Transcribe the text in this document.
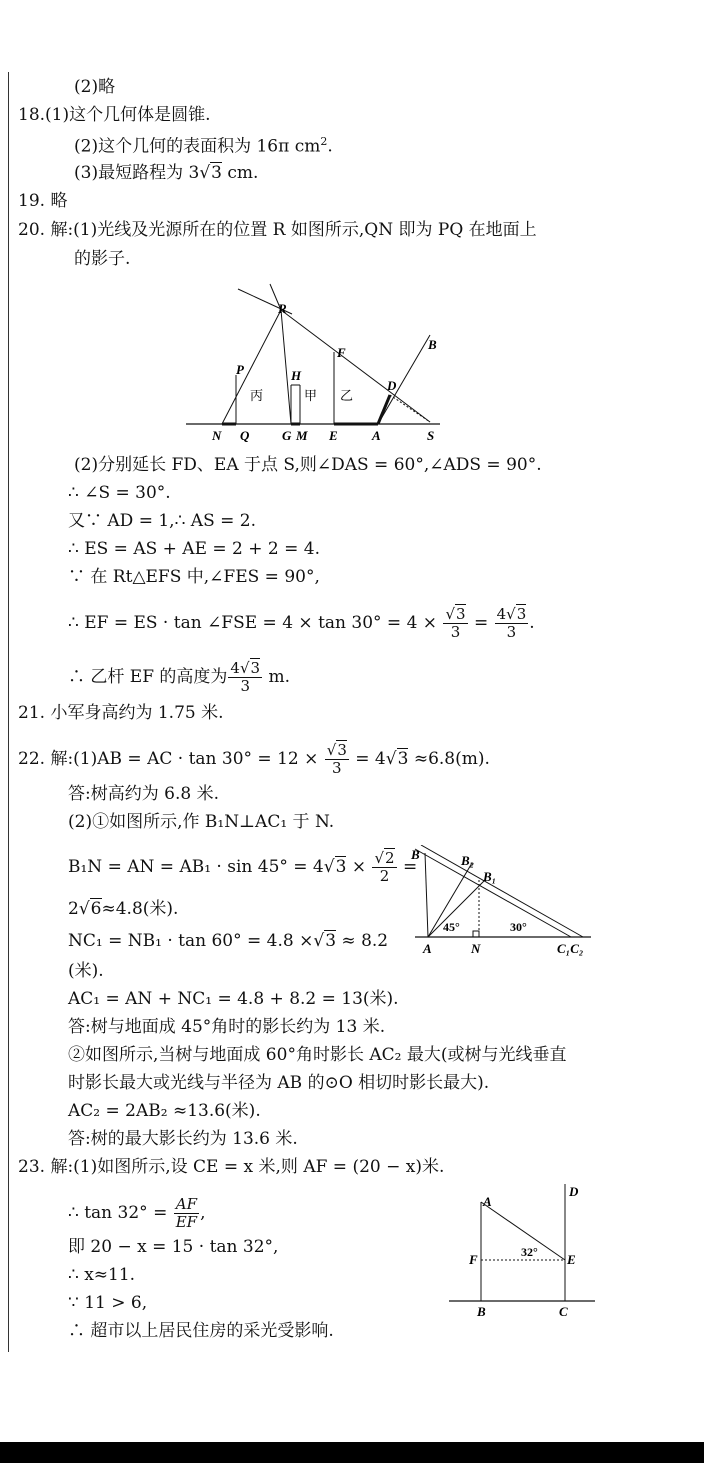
(2)略
18.(1)这个几何体是圆锥.
(2)这个几何的表面积为 16π $cm^2$.
(3)最短路程为 3√3 cm.
19. 略
20. 解:(1)光线及光源所在的位置 R 如图所示,QN 即为 PQ 在地面上
的影子.
R
P	H
F
B
D
N Q	G M E	A	S
丙	甲 乙
(2)分别延长 FD、EA 于点 S,则∠DAS = 60°,∠ADS = 90°.
∴ ∠S = 30°.
又∵ AD = 1,∴ AS = 2.
∴ ES = AS + AE = 2 + 2 = 4.
∵ 在 Rt△EFS 中,∠FES = 90°,
∴ EF = ES · tan ∠FSE = $4 \times \tan 30^\circ = 4 \times \frac{√3}{3} = \frac{4√3}{3}$ .
∴ 乙杆 EF 的高度为 $\frac{4√3}{3} m$.
21. 小军身高约为 1.75 米.
22. 解:(1)AB = AC · $\tan 30^\circ = 12 \times \frac{√3}{3} = 4√3 \approx 6.8(m)$.
答:树高约为 6.8 米.
(2)①如图所示,作 B₁N⊥AC₁ 于 N.
B₁N = AN = $AB_1 \cdot \sin 45^\circ = 4√3 \times \frac{√2}{2}$ =
2√6≈4.8(米).
NC₁ = NB₁ · tan 60° = 4.8 ×√3 ≈ 8.2
(米).
AC₁ = AN + NC₁ = 4.8 + 8.2 = 13(米).
答:树与地面成 45°角时的影长约为 13 米.
②如图所示,当树与地面成 60°角时影长 AC₂ 最大(或树与光线垂直
时影长最大或光线与半径为 AB 的⊙O 相切时影长最大).
AC₂ = 2AB₂ ≈13.6(米).
答:树的最大影长约为 13.6 米.
B	B₂
B₁
A	N	C₁C₂
45°	30°
23. 解:(1)如图所示,设 CE = x 米,则 AF = (20 − x)米.
∴ $\tan 32^\circ = \frac{AF}{EF}$ ,
即 20 − x = 15 · tan 32°,
∴ x≈11.
∵ 11 > 6,
∴ 超市以上居民住房的采光受影响.
A
D
F	E
B	C
32°
